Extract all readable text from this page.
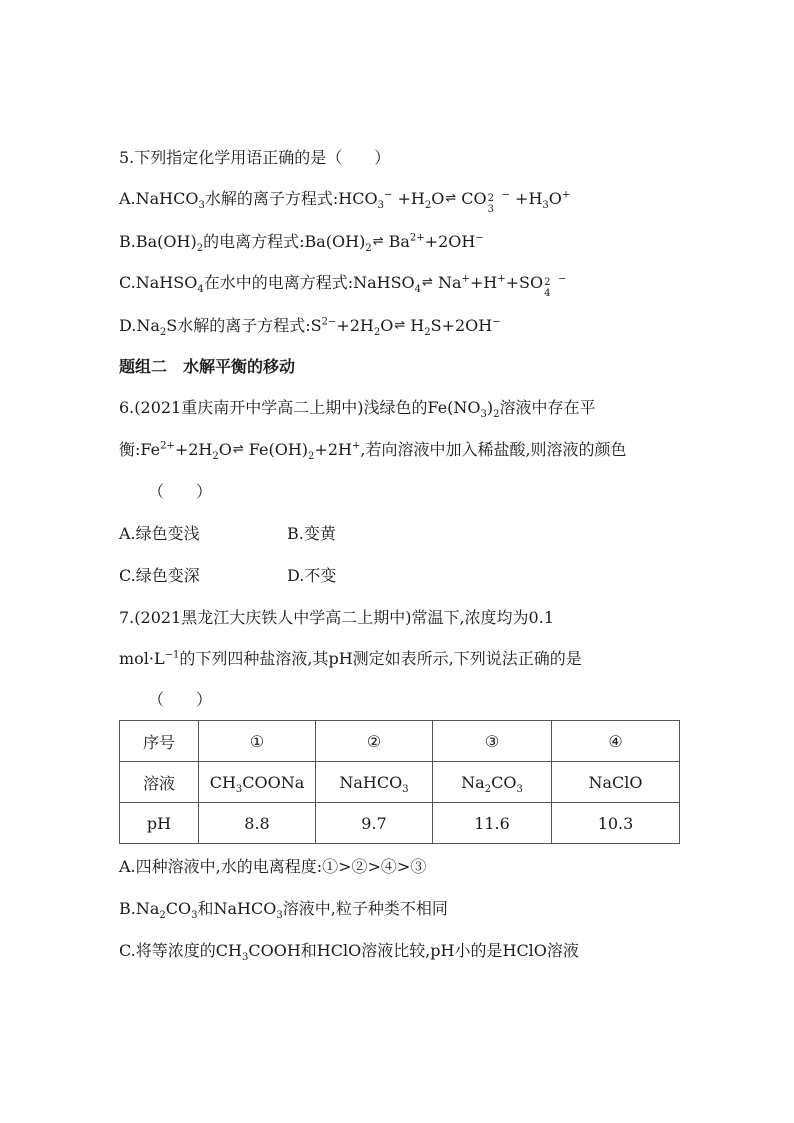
5.下列指定化学用语正确的是（　　）
A.NaHCO$_3$水解的离子方程式$:HCO_3^-$ $+H_2O\rightleftharpoons$ CO 2
3
$^- +H_3O^+$
$B.Ba(OH)_2$的电离方程式$:Ba(OH)_2\rightleftharpoons$ $Ba^{2+}+2OH^-$
C.NaHSO$_4$在水中的电离方程式:NaHSO$_4$⇌ Na++H++SO 2
4
−
$D.Na_2S$水解的离子方程式$:S^{2-}+2H_2O\rightleftharpoons$ $H_2S+2OH^-$
题组二　水解平衡的移动
6.(2021重庆南开中学高二上期中)浅绿色的$Fe(NO_3)_2$溶液中存在平
衡$:Fe^{2+}+2H_2O\rightleftharpoons$ $Fe(OH)_2+2H^+$,若向溶液中加入稀盐酸,则溶液的颜色
（　　）
A.绿色变浅	B.变黄
C.绿色变深	D.不变
7.(2021黑龙江大庆铁人中学高二上期中)常温下,浓度均为0.1
$mol\cdot L^{-1}$的下列四种盐溶液,其pH测定如表所示,下列说法正确的是
（　　）
序号	①	②	③	④
溶液	$CH_3COONa$	NaHCO$_3$	$Na_2CO_3$	NaClO
pH	8.8	9.7	11.6	10.3
A.四种溶液中,水的电离程度:①>②>④>③
$B.Na_2CO_3$和NaHCO$_3$溶液中,粒子种类不相同
C.将等浓度的$CH_3COOH$和HClO溶液比较,pH小的是HClO溶液
